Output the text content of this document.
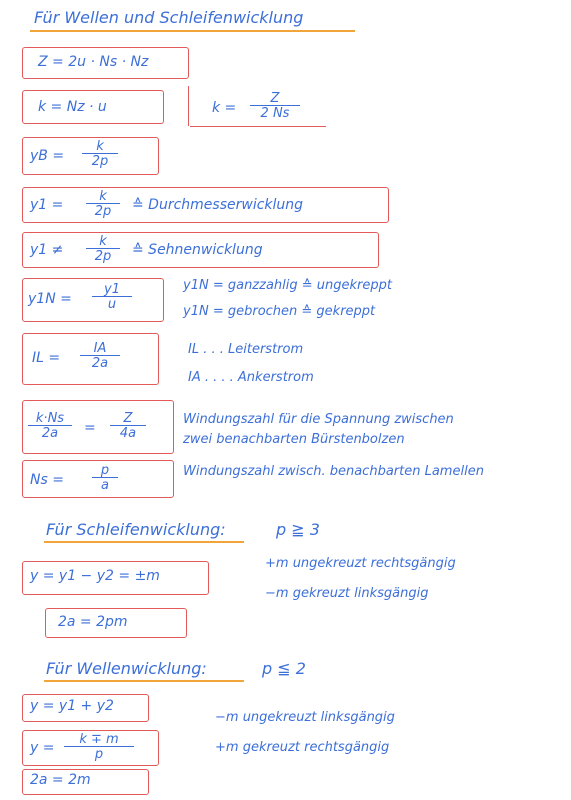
Für Wellen und Schleifenwicklung
Z = 2u · Ns · Nz
k = Nz · u	$k = \frac{Z}{2 Ns}$
yB = $\frac{k}{2p}$
$y1 = \frac{k}{2p}$ ≙ Durchmesserwicklung
$y1 \ne \frac{k}{2p}$ ≙ Sehnenwicklung
$y1N = \frac{y1}{u}$	y1N = ganzzahlig ≙ ungekreppt
y1N = gebrochen ≙ gekreppt
IL = $\frac{IA}{2a}$	IL . . . Leiterstrom
IA . . . . Ankerstrom
$\frac{k\cdot Ns}{2a}$ =
Z
4a
Windungszahl für die Spannung zwischen
zwei benachbarten Bürstenbolzen
$Ns = \frac{p}{a}$	Windungszahl zwisch. benachbarten Lamellen
Für Schleifenwicklung:	p ≧ 3
y = y1 − y2 = ±m
2a = 2pm
+m ungekreuzt rechtsgängig
−m gekreuzt linksgängig
Für Wellenwicklung:	p ≦ 2
y = y1 + y2
$y = \frac{k \mp m}{p}$
2a = 2m
−m ungekreuzt linksgängig
+m gekreuzt rechtsgängig
